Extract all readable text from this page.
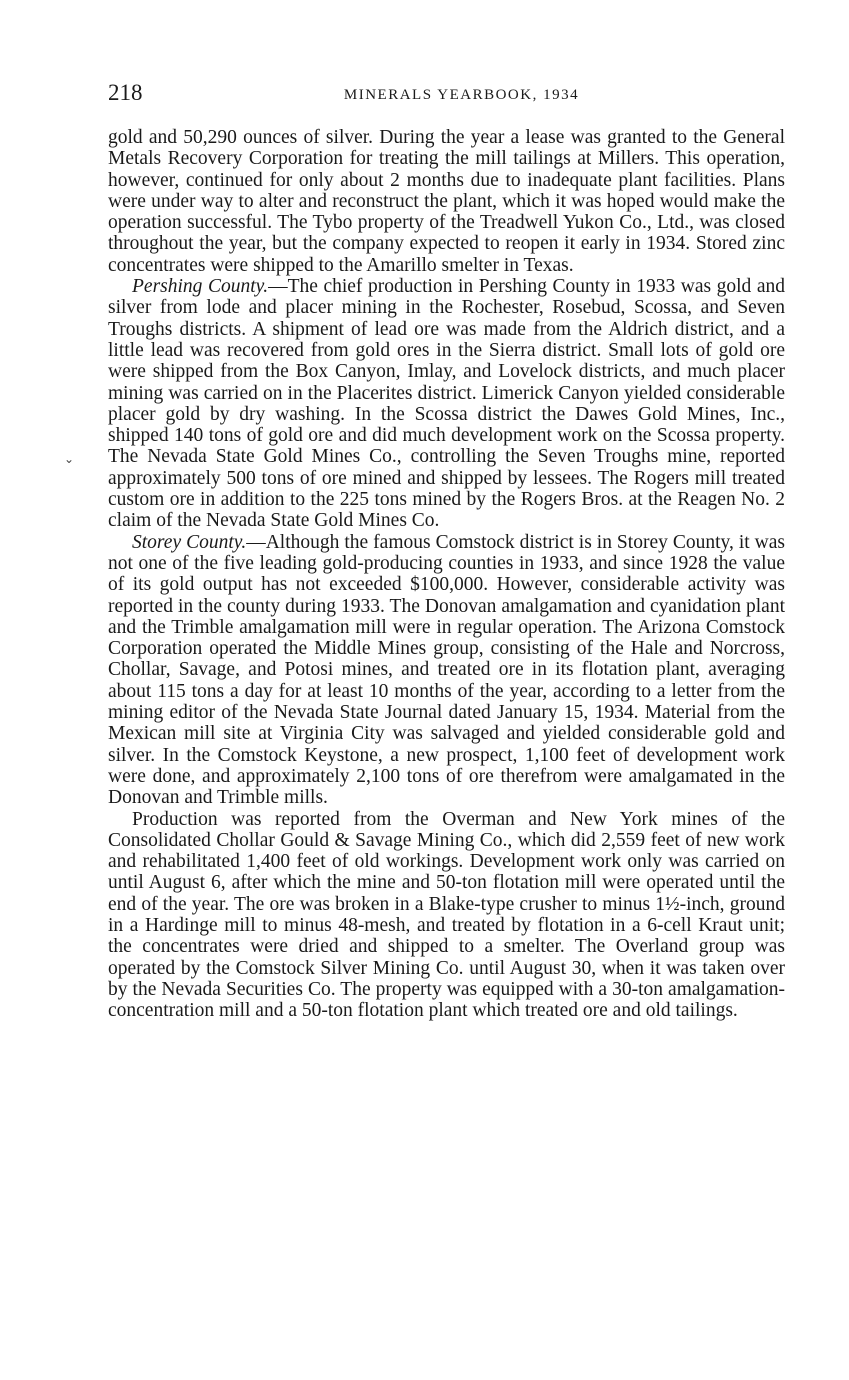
218	MINERALS YEARBOOK, 1934
⌄

gold and 50,290 ounces of silver. During the year a lease was granted to the General Metals Recovery Corporation for treating the mill tailings at Millers. This operation, however, continued for only about 2 months due to inadequate plant facilities. Plans were under way to alter and reconstruct the plant, which it was hoped would make the operation successful. The Tybo property of the Treadwell Yukon Co., Ltd., was closed throughout the year, but the company expected to reopen it early in 1934. Stored zinc concentrates were shipped to the Amarillo smelter in Texas.

Pershing County.—The chief production in Pershing County in 1933 was gold and silver from lode and placer mining in the Rochester, Rosebud, Scossa, and Seven Troughs districts. A shipment of lead ore was made from the Aldrich district, and a little lead was recovered from gold ores in the Sierra district. Small lots of gold ore were shipped from the Box Canyon, Imlay, and Lovelock districts, and much placer mining was carried on in the Placerites district. Limerick Canyon yielded considerable placer gold by dry washing. In the Scossa district the Dawes Gold Mines, Inc., shipped 140 tons of gold ore and did much development work on the Scossa property. The Nevada State Gold Mines Co., controlling the Seven Troughs mine, reported approximately 500 tons of ore mined and shipped by lessees. The Rogers mill treated custom ore in addition to the 225 tons mined by the Rogers Bros. at the Reagen No. 2 claim of the Nevada State Gold Mines Co.

Storey County.—Although the famous Comstock district is in Storey County, it was not one of the five leading gold-producing counties in 1933, and since 1928 the value of its gold output has not exceeded $100,000. However, considerable activity was reported in the county during 1933. The Donovan amalgamation and cyanidation plant and the Trimble amalgamation mill were in regular operation. The Arizona Comstock Corporation operated the Middle Mines group, consisting of the Hale and Norcross, Chollar, Savage, and Potosi mines, and treated ore in its flotation plant, averaging about 115 tons a day for at least 10 months of the year, according to a letter from the mining editor of the Nevada State Journal dated January 15, 1934. Material from the Mexican mill site at Virginia City was salvaged and yielded considerable gold and silver. In the Comstock Keystone, a new prospect, 1,100 feet of development work were done, and approximately 2,100 tons of ore therefrom were amalgamated in the Donovan and Trimble mills.

Production was reported from the Overman and New York mines of the Consolidated Chollar Gould & Savage Mining Co., which did 2,559 feet of new work and rehabilitated 1,400 feet of old workings. Development work only was carried on until August 6, after which the mine and 50-ton flotation mill were operated until the end of the year. The ore was broken in a Blake-type crusher to minus 1½-inch, ground in a Hardinge mill to minus 48-mesh, and treated by flotation in a 6-cell Kraut unit; the concentrates were dried and shipped to a smelter. The Overland group was operated by the Comstock Silver Mining Co. until August 30, when it was taken over by the Nevada Securities Co. The property was equipped with a 30-ton amalgamation-concentration mill and a 50-ton flotation plant which treated ore and old tailings.
